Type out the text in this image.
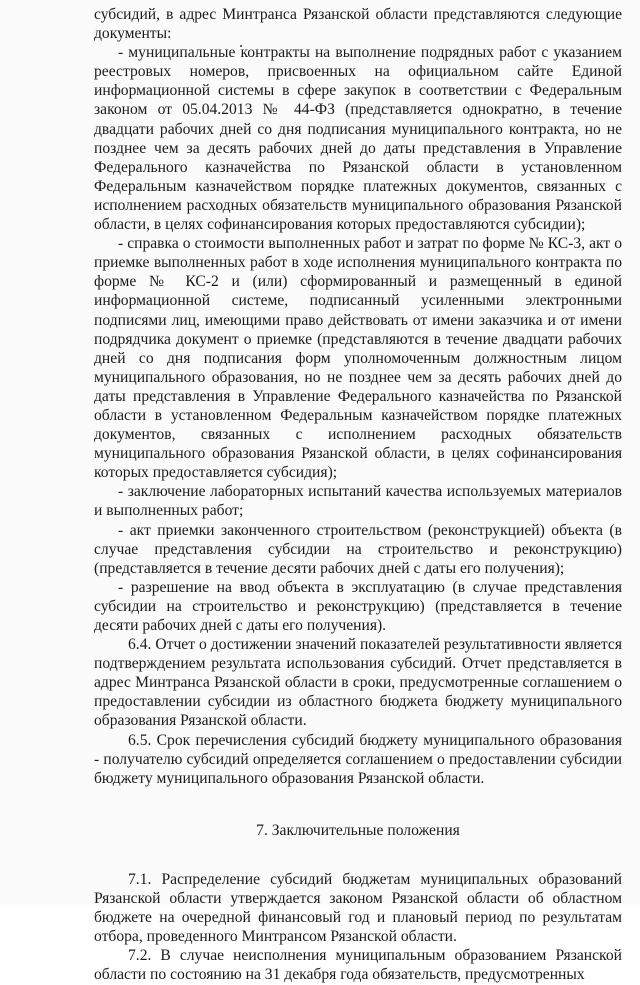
субсидий, в адрес Минтранса Рязанской области представляются следующие документы:

- муниципальные контракты на выполнение подрядных работ с указанием реестровых номеров, присвоенных на официальном сайте Единой информационной системы в сфере закупок в соответствии с Федеральным законом от 05.04.2013 № 44-ФЗ (представляется однократно, в течение двадцати рабочих дней со дня подписания муниципального контракта, но не позднее чем за десять рабочих дней до даты представления в Управление Федерального казначейства по Рязанской области в установленном Федеральным казначейством порядке платежных документов, связанных с исполнением расходных обязательств муниципального образования Рязанской области, в целях софинансирования которых предоставляются субсидии);

- справка о стоимости выполненных работ и затрат по форме № КС-3, акт о приемке выполненных работ в ходе исполнения муниципального контракта по форме № КС-2 и (или) сформированный и размещенный в единой информационной системе, подписанный усиленными электронными подписями лиц, имеющими право действовать от имени заказчика и от имени подрядчика документ о приемке (представляются в течение двадцати рабочих дней со дня подписания форм уполномоченным должностным лицом муниципального образования, но не позднее чем за десять рабочих дней до даты представления в Управление Федерального казначейства по Рязанской области в установленном Федеральным казначейством порядке платежных документов, связанных с исполнением расходных обязательств муниципального образования Рязанской области, в целях софинансирования которых предоставляется субсидия);

- заключение лабораторных испытаний качества используемых материалов и выполненных работ;

- акт приемки законченного строительством (реконструкцией) объекта (в случае представления субсидии на строительство и реконструкцию) (представляется в течение десяти рабочих дней с даты его получения);

- разрешение на ввод объекта в эксплуатацию (в случае представления субсидии на строительство и реконструкцию) (представляется в течение десяти рабочих дней с даты его получения).

6.4. Отчет о достижении значений показателей результативности является подтверждением результата использования субсидий. Отчет представляется в адрес Минтранса Рязанской области в сроки, предусмотренные соглашением о предоставлении субсидии из областного бюджета бюджету муниципального образования Рязанской области.

6.5. Срок перечисления субсидий бюджету муниципального образования - получателю субсидий определяется соглашением о предоставлении субсидии бюджету муниципального образования Рязанской области.

7. Заключительные положения

7.1. Распределение субсидий бюджетам муниципальных образований Рязанской области утверждается законом Рязанской области об областном бюджете на очередной финансовый год и плановый период по результатам отбора, проведенного Минтрансом Рязанской области.

7.2. В случае неисполнения муниципальным образованием Рязанской области по состоянию на 31 декабря года обязательств, предусмотренных
